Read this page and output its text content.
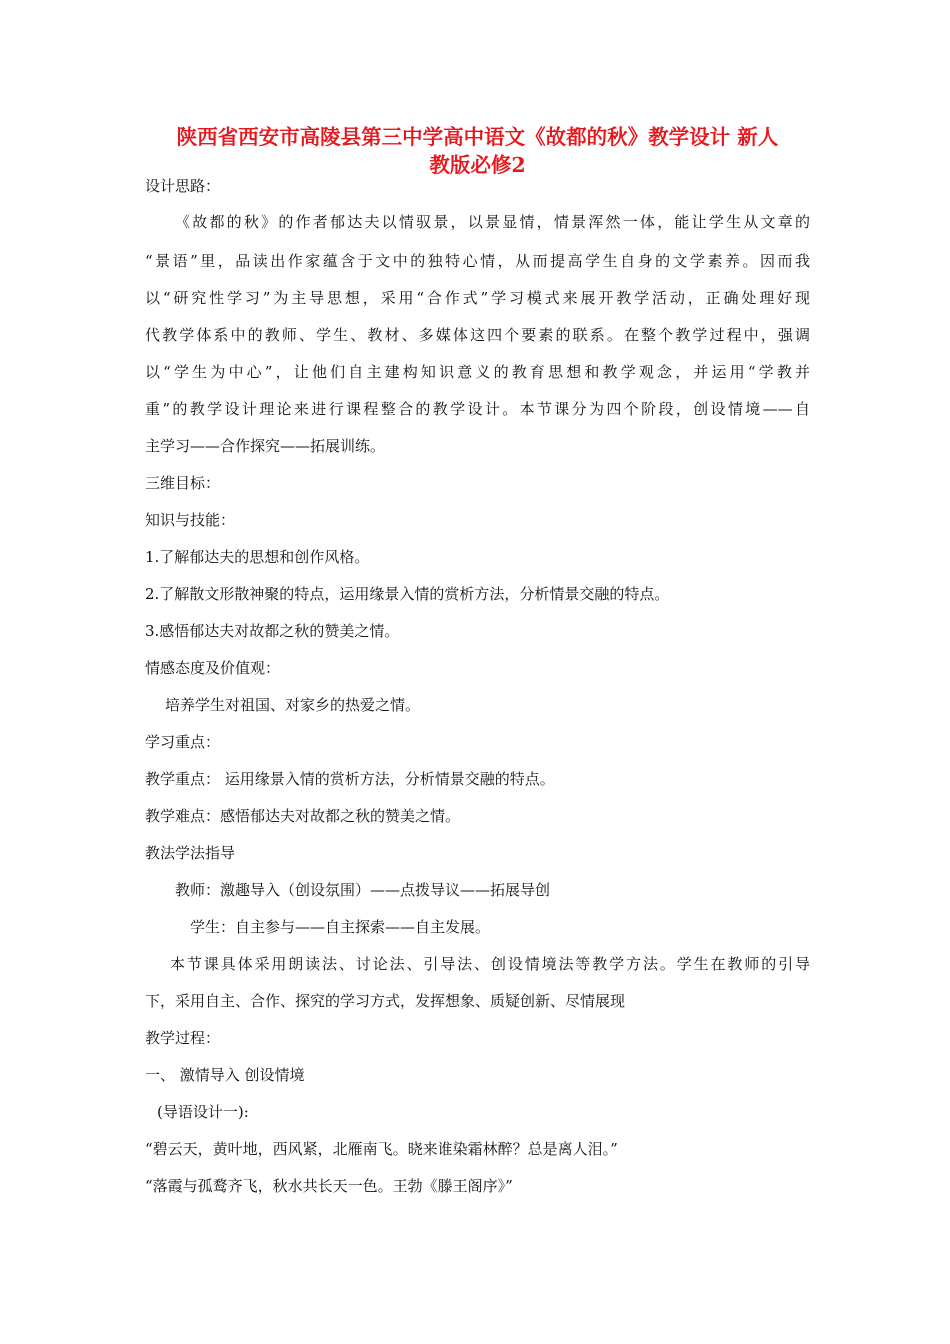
陕西省西安市高陵县第三中学高中语文《故都的秋》教学设计 新人
教版必修2
设计思路：
《故都的秋》的作者郁达夫以情驭景，以景显情，情景浑然一体，能让学生从文章的
“景语”里，品读出作家蕴含于文中的独特心情，从而提高学生自身的文学素养。因而我
以“研究性学习”为主导思想，采用“合作式”学习模式来展开教学活动，正确处理好现
代教学体系中的教师、学生、教材、多媒体这四个要素的联系。在整个教学过程中，强调
以“学生为中心”，让他们自主建构知识意义的教育思想和教学观念，并运用“学教并
重”的教学设计理论来进行课程整合的教学设计。本节课分为四个阶段，创设情境——自
主学习——合作探究——拓展训练。
三维目标：
知识与技能：
1.了解郁达夫的思想和创作风格。
2.了解散文形散神聚的特点，运用缘景入情的赏析方法，分析情景交融的特点。
3.感悟郁达夫对故都之秋的赞美之情。
情感态度及价值观：
培养学生对祖国、对家乡的热爱之情。
学习重点：
教学重点： 运用缘景入情的赏析方法，分析情景交融的特点。
教学难点：感悟郁达夫对故都之秋的赞美之情。
教法学法指导
教师：激趣导入（创设氛围）——点拨导议——拓展导创
学生：自主参与——自主探索——自主发展。
本节课具体采用朗读法、讨论法、引导法、创设情境法等教学方法。学生在教师的引导
下，采用自主、合作、探究的学习方式，发挥想象、质疑创新、尽情展现
教学过程：
一、 激情导入 创设情境
(导语设计一):
“碧云天，黄叶地，西风紧，北雁南飞。晓来谁染霜林醉？总是离人泪。”
“落霞与孤鹜齐飞，秋水共长天一色。王勃《滕王阁序》”
